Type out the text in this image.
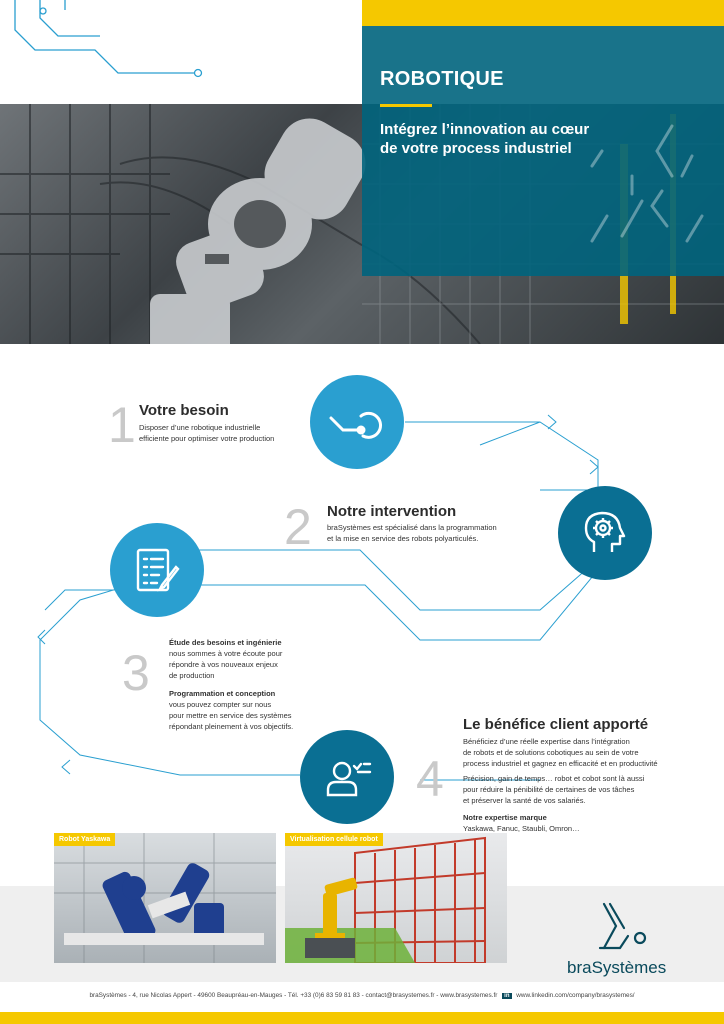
ROBOTIQUE
Intégrez l’innovation au cœur
de votre process industriel
1 Votre besoin
Disposer d’une robotique industrielle
efficiente pour optimiser votre production
2 Notre intervention
braSystèmes est spécialisé dans la programmation
et la mise en service des robots polyarticulés.
3
Étude des besoins et ingénierie
nous sommes à votre écoute pour
répondre à vos nouveaux enjeux
de production
Programmation et conception
vous pouvez compter sur nous
pour mettre en service des systèmes
répondant pleinement à vos objectifs.
4
Le bénéfice client apporté
Bénéficiez d’une réelle expertise dans l’intégration
de robots et de solutions cobotiques au sein de votre
process industriel et gagnez en efficacité et en productivité
Précision, gain de temps… robot et cobot sont là aussi
pour réduire la pénibilité de certaines de vos tâches
et préserver la santé de vos salariés.
Notre expertise marque
Yaskawa, Fanuc, Staubli, Omron…
Robot Yaskawa	Virtualisation cellule robot
braSystèmes
braSystèmes - 4, rue Nicolas Appert - 49600 Beaupréau-en-Mauges - Tél. +33 (0)6 83 59 81 83 - contact@brasystemes.fr - www.brasystemes.fr in www.linkedin.com/company/brasystemes/
